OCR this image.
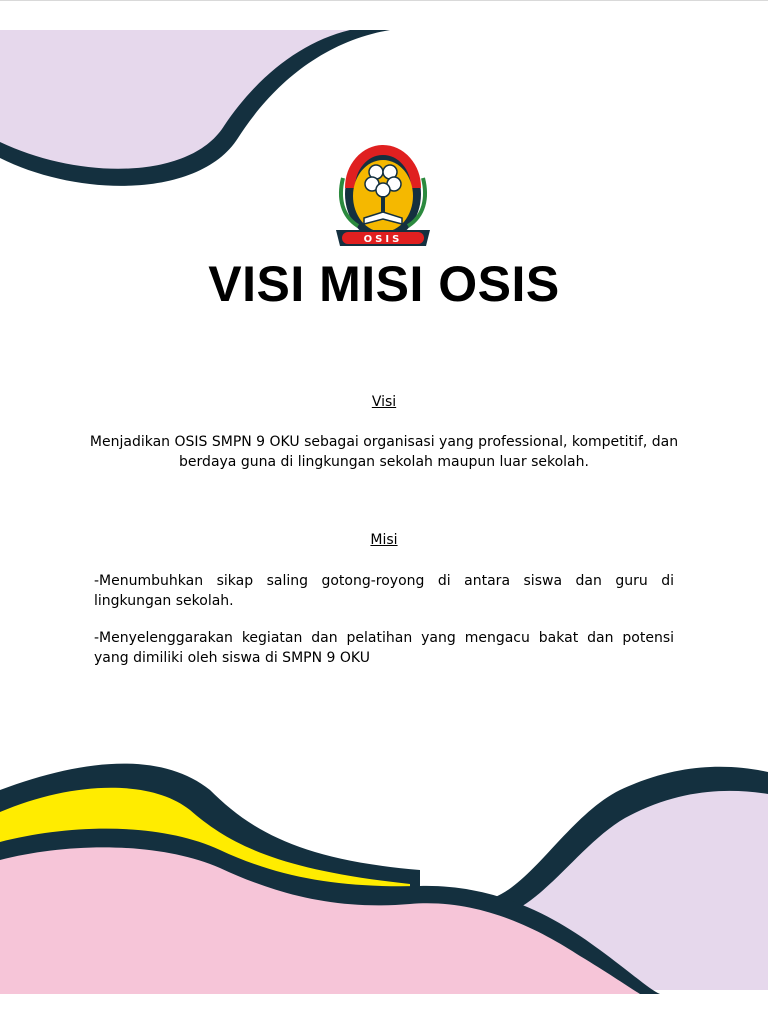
OSIS
VISI MISI OSIS

Visi

Menjadikan OSIS SMPN 9 OKU sebagai organisasi yang professional, kompetitif, dan berdaya guna di lingkungan sekolah maupun luar sekolah.

Misi

-Menumbuhkan sikap saling gotong-royong di antara siswa dan guru di lingkungan sekolah.

-Menyelenggarakan kegiatan dan pelatihan yang mengacu bakat dan potensi yang dimiliki oleh siswa di SMPN 9 OKU
